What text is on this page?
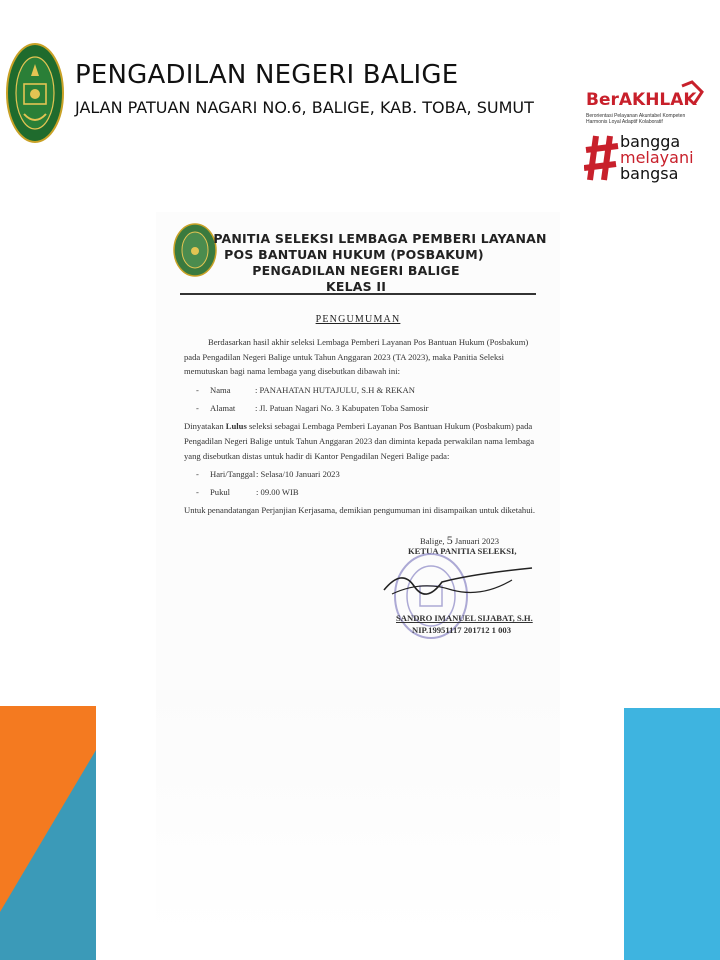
PENGADILAN NEGERI BALIGE
JALAN PATUAN NAGARI NO.6, BALIGE, KAB. TOBA, SUMUT	BerAKHLAK
Berorientasi Pelayanan Akuntabel Kompeten
Harmonis Loyal Adaptif Kolaboratif
bangga
melayani
bangsa
PANITIA SELEKSI LEMBAGA PEMBERI LAYANAN
POS BANTUAN HUKUM (POSBAKUM)
PENGADILAN NEGERI BALIGE
KELAS II
PENGUMUMAN
Berdasarkan hasil akhir seleksi Lembaga Pemberi Layanan Pos Bantuan Hukum (Posbakum)
pada Pengadilan Negeri Balige untuk Tahun Anggaran 2023 (TA 2023), maka Panitia Seleksi
memutuskan bagi nama lembaga yang disebutkan dibawah ini:
- Nama	: PANAHATAN HUTAJULU, S.H & REKAN
- Alamat : Jl. Patuan Nagari No. 3 Kabupaten Toba Samosir
Dinyatakan Lulus seleksi sebagai Lembaga Pemberi Layanan Pos Bantuan Hukum (Posbakum) pada
Pengadilan Negeri Balige untuk Tahun Anggaran 2023 dan diminta kepada perwakilan nama lembaga
yang disebutkan distas untuk hadir di Kantor Pengadilan Negeri Balige pada:
- Hari/Tanggal : Selasa/10 Januari 2023
- Pukul	: 09.00 WIB
Untuk penandatangan Perjanjian Kerjasama, demikian pengumuman ini disampaikan untuk diketahui.
Balige, 5 Januari 2023
KETUA PANITIA SELEKSI,
SANDRO IMANUEL SIJABAT, S.H.
NIP.19951117 201712 1 003
